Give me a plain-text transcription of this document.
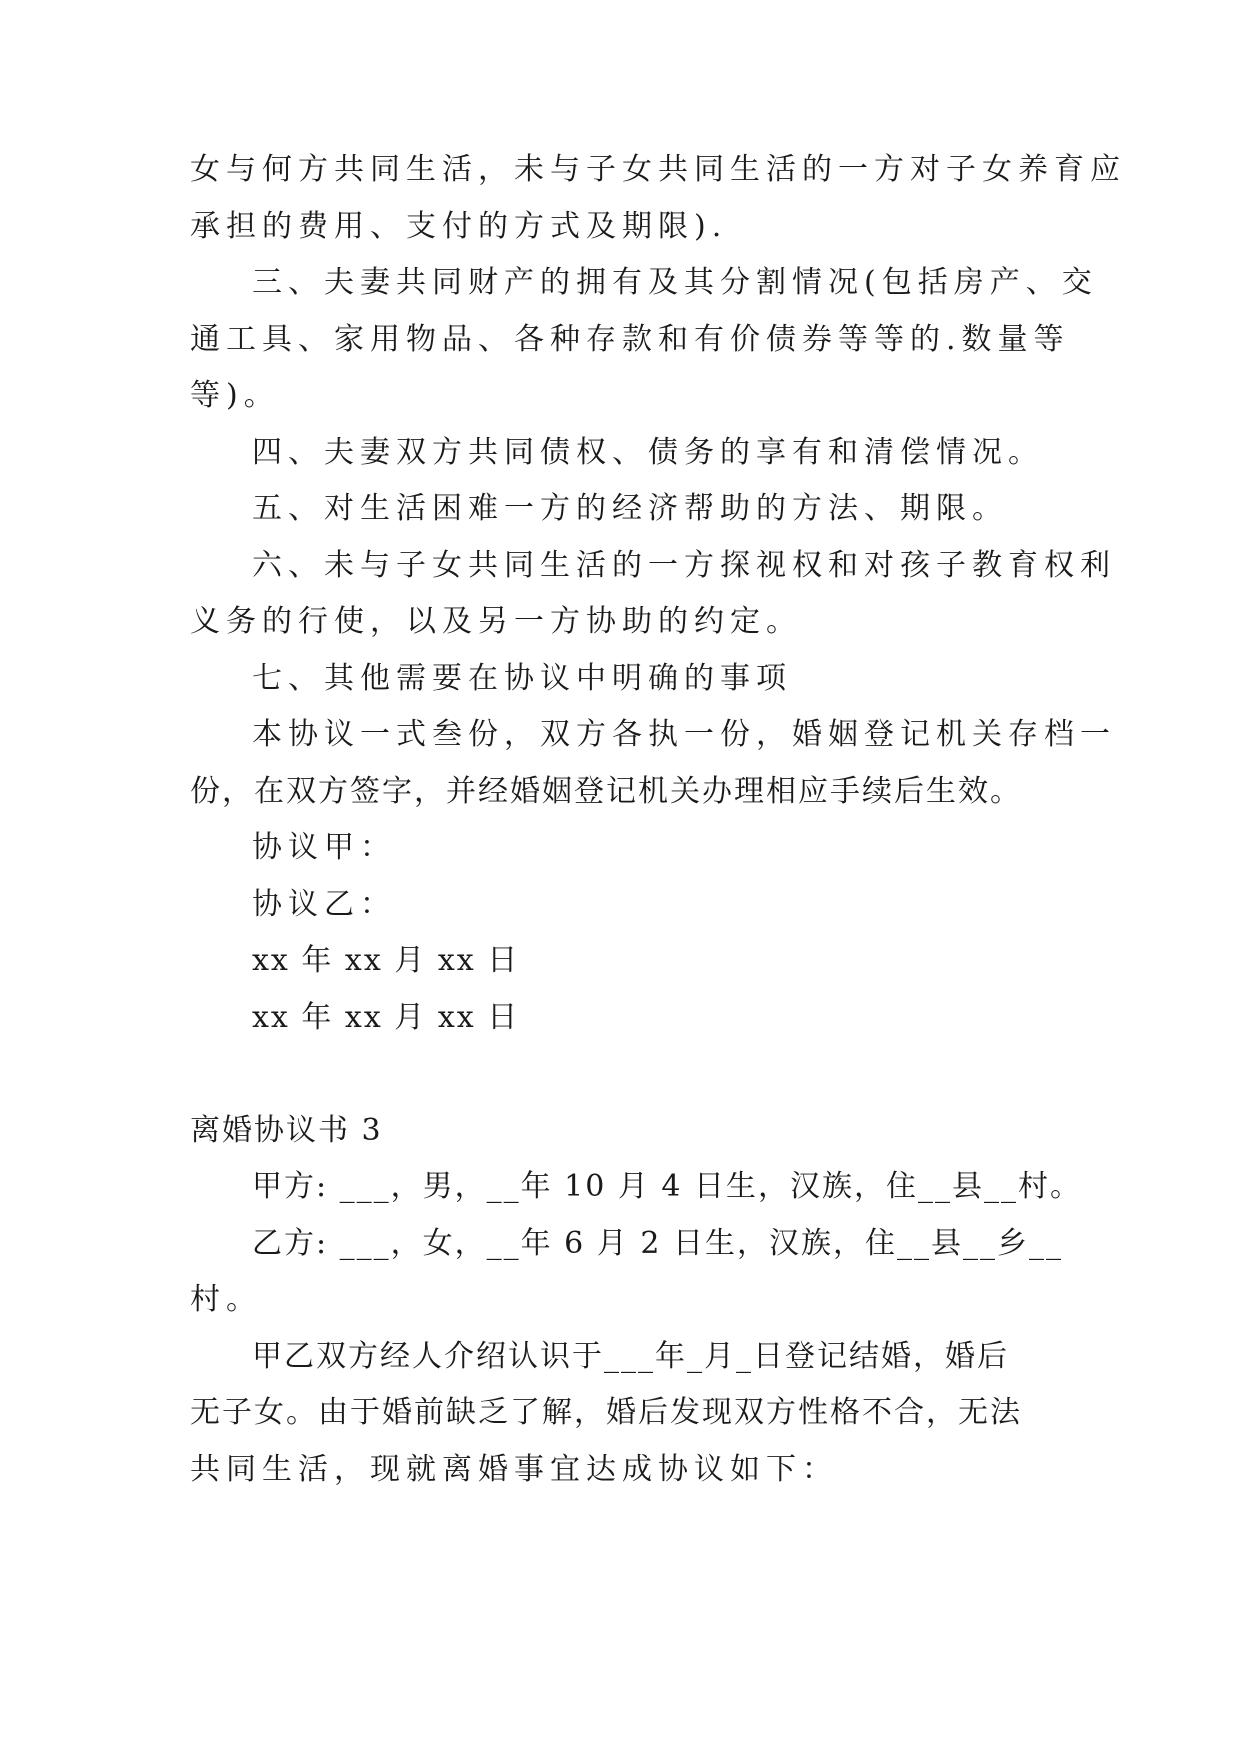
女与何方共同生活，未与子女共同生活的一方对子女养育应

承担的费用、支付的方式及期限).

三、夫妻共同财产的拥有及其分割情况(包括房产、交

通工具、家用物品、各种存款和有价债券等等的.数量等

等)。

四、夫妻双方共同债权、债务的享有和清偿情况。

五、对生活困难一方的经济帮助的方法、期限。

六、未与子女共同生活的一方探视权和对孩子教育权利

义务的行使，以及另一方协助的约定。

七、其他需要在协议中明确的事项

本协议一式叁份，双方各执一份，婚姻登记机关存档一

份，在双方签字，并经婚姻登记机关办理相应手续后生效。

协议甲：

协议乙：

xx 年 xx 月 xx 日

xx 年 xx 月 xx 日

离婚协议书 3

甲方: ___，男，__年 10 月 4 日生，汉族，住__县__村。

乙方: ___，女，__年 6 月 2 日生，汉族，住__县__乡__

村。

甲乙双方经人介绍认识于___年_月_日登记结婚，婚后

无子女。由于婚前缺乏了解，婚后发现双方性格不合，无法

共同生活，现就离婚事宜达成协议如下：
